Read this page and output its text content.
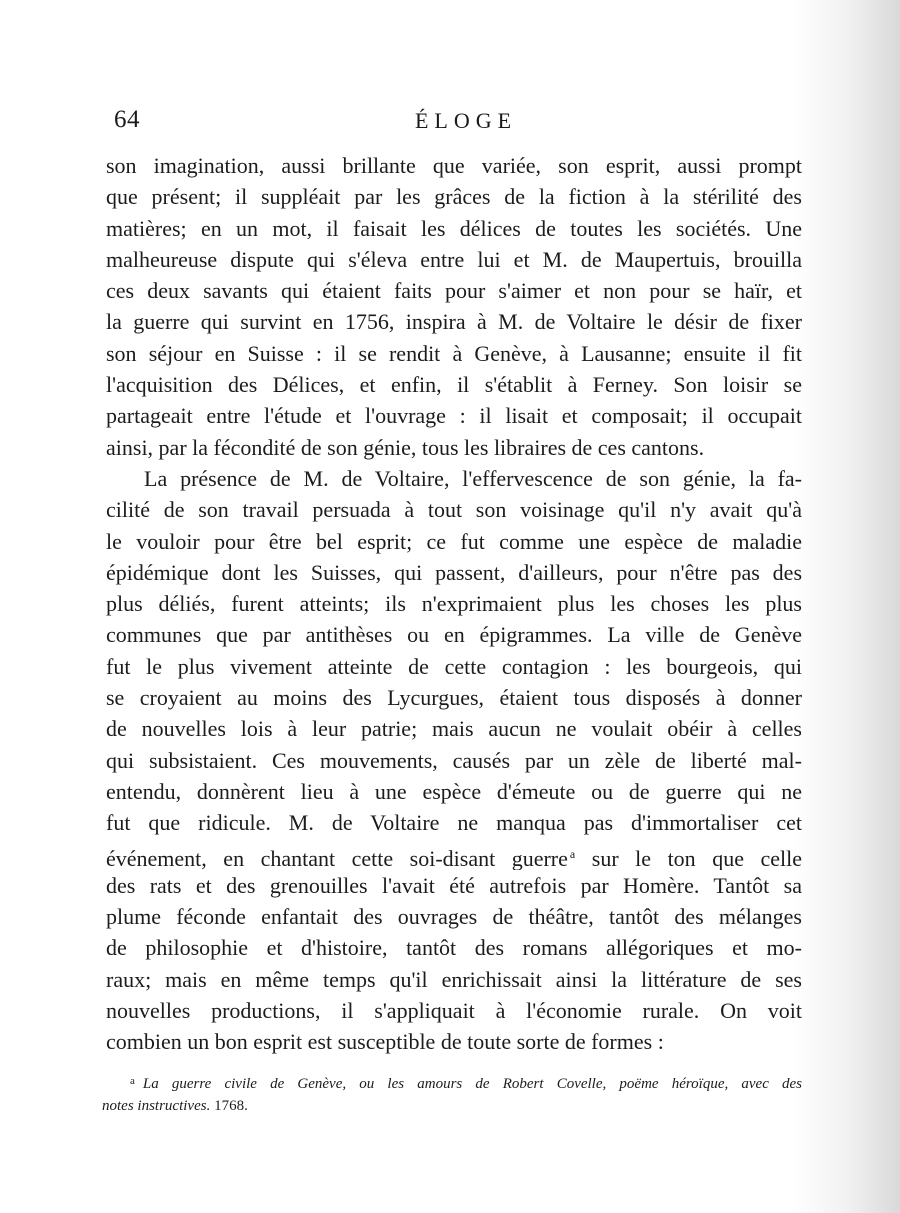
64	ÉLOGE
son imagination, aussi brillante que variée, son esprit, aussi prompt
que présent; il suppléait par les grâces de la fiction à la stérilité des
matières; en un mot, il faisait les délices de toutes les sociétés. Une
malheureuse dispute qui s'éleva entre lui et M. de Maupertuis, brouilla
ces deux savants qui étaient faits pour s'aimer et non pour se haïr, et
la guerre qui survint en 1756, inspira à M. de Voltaire le désir de fixer
son séjour en Suisse : il se rendit à Genève, à Lausanne; ensuite il fit
l'acquisition des Délices, et enfin, il s'établit à Ferney. Son loisir se
partageait entre l'étude et l'ouvrage : il lisait et composait; il occupait
ainsi, par la fécondité de son génie, tous les libraires de ces cantons.
La présence de M. de Voltaire, l'effervescence de son génie, la fa-
cilité de son travail persuada à tout son voisinage qu'il n'y avait qu'à
le vouloir pour être bel esprit; ce fut comme une espèce de maladie
épidémique dont les Suisses, qui passent, d'ailleurs, pour n'être pas des
plus déliés, furent atteints; ils n'exprimaient plus les choses les plus
communes que par antithèses ou en épigrammes. La ville de Genève
fut le plus vivement atteinte de cette contagion : les bourgeois, qui
se croyaient au moins des Lycurgues, étaient tous disposés à donner
de nouvelles lois à leur patrie; mais aucun ne voulait obéir à celles
qui subsistaient. Ces mouvements, causés par un zèle de liberté mal-
entendu, donnèrent lieu à une espèce d'émeute ou de guerre qui ne
fut que ridicule. M. de Voltaire ne manqua pas d'immortaliser cet
événement, en chantant cette soi-disant guerre $^a$ sur le ton que celle
des rats et des grenouilles l'avait été autrefois par Homère. Tantôt sa
plume féconde enfantait des ouvrages de théâtre, tantôt des mélanges
de philosophie et d'histoire, tantôt des romans allégoriques et mo-
raux; mais en même temps qu'il enrichissait ainsi la littérature de ses
nouvelles productions, il s'appliquait à l'économie rurale. On voit
combien un bon esprit est susceptible de toute sorte de formes :
$^a$ La guerre civile de Genève, ou les amours de Robert Covelle, poëme héroïque, avec des
notes instructives. 1768.
